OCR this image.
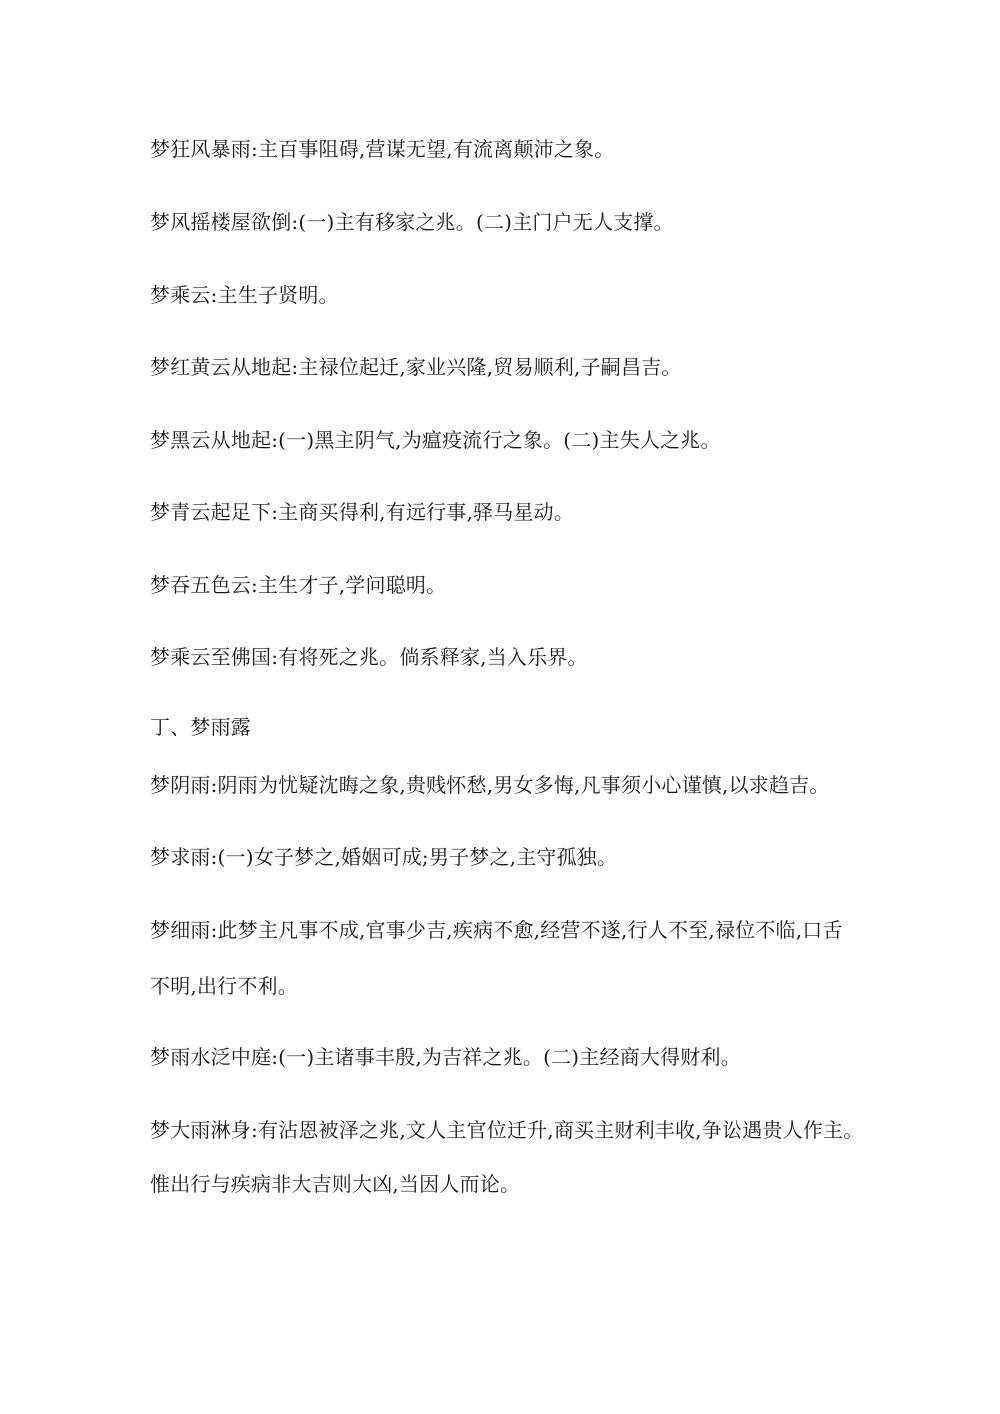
梦狂风暴雨:主百事阻碍,营谋无望,有流离颠沛之象。
梦风摇楼屋欲倒:(一)主有移家之兆。(二)主门户无人支撑。
梦乘云:主生子贤明。
梦红黄云从地起:主禄位起迁,家业兴隆,贸易顺利,子嗣昌吉。
梦黑云从地起:(一)黑主阴气,为瘟疫流行之象。(二)主失人之兆。
梦青云起足下:主商买得利,有远行事,驿马星动。
梦吞五色云:主生才子,学问聪明。
梦乘云至佛国:有将死之兆。倘系释家,当入乐界。
丁、梦雨露
梦阴雨:阴雨为忧疑沈晦之象,贵贱怀愁,男女多悔,凡事须小心谨慎,以求趋吉。
梦求雨:(一)女子梦之,婚姻可成;男子梦之,主守孤独。
梦细雨:此梦主凡事不成,官事少吉,疾病不愈,经营不遂,行人不至,禄位不临,口舌
不明,出行不利。
梦雨水泛中庭:(一)主诸事丰殷,为吉祥之兆。(二)主经商大得财利。
梦大雨淋身:有沾恩被泽之兆,文人主官位迁升,商买主财利丰收,争讼遇贵人作主。
惟出行与疾病非大吉则大凶,当因人而论。
